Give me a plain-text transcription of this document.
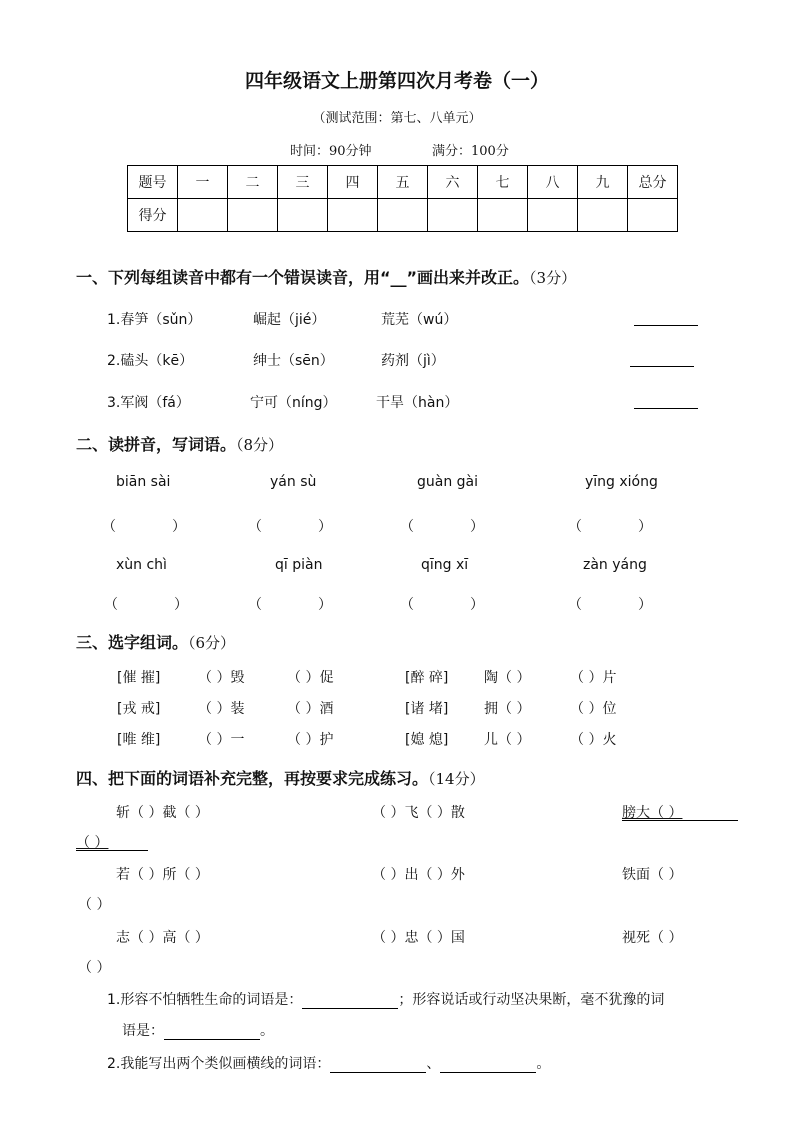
四年级语文上册第四次月考卷（一）
（测试范围：第七、八单元）
时间：90分钟	满分：100分
题号	一	二	三	四	五	六	七	八	九	总分
得分										
一、下列每组读音中都有一个错误读音，用“__”画出来并改正。（3分）
1.春笋（sǔn）	崛起（jié）	荒芜（wú）
2.磕头（kē）	绅士（sēn）	药剂（jì）
3.军阀（fá）	宁可（níng）	干旱（hàn）
二、读拼音，写词语。（8分）
biān sài	yán sù	guàn gài	yīng xióng
（　　　　）	（　　　　）	（　　　　）	（　　　　）
xùn chì	qī piàn	qīng xī	zàn yáng
（　　　　）	（　　　　）	（　　　　）	（　　　　）
三、选字组词。（6分）
[催 摧]	（ ）毁	（ ）促	[醉 碎]	陶（ ）	（ ）片
[戎 戒]	（ ）装	（ ）酒	[诸 堵]	拥（ ）	（ ）位
[唯 维]	（ ）一	（ ）护	[媳 熄]	儿（ ）	（ ）火
四、把下面的词语补充完整，再按要求完成练习。（14分）
斩（ ）截（ ）	（ ）飞（ ）散	膀大（ ）
（ ）
若（ ）所（ ）	（ ）出（ ）外	铁面（ ）
（ ）
志（ ）高（ ）	（ ）忠（ ）国	视死（ ）
（ ）
1.形容不怕牺牲生命的词语是：	；形容说话或行动坚决果断，毫不犹豫的词
语是：	。
2.我能写出两个类似画横线的词语：	、	。
